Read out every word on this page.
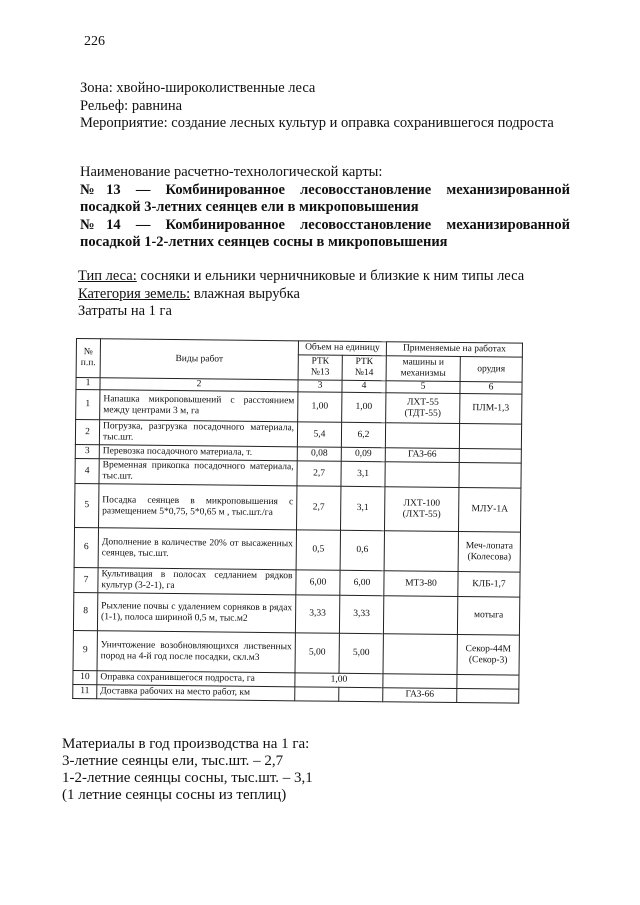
226
Зона: хвойно-широколиственные леса
Рельеф: равнина
Мероприятие: создание лесных культур и оправка сохранившегося подроста
Наименование расчетно-технологической карты:
№13 — Комбинированное лесовосстановление механизированной посадкой 3-летних сеянцев ели в микроповышения
№14 — Комбинированное лесовосстановление механизированной посадкой 1-2-летних сеянцев сосны в микроповышения
Тип леса: сосняки и ельники черничниковые и близкие к ним типы леса
Категория земель: влажная вырубка
Затраты на 1 га
№ п.п.	Виды работ	Объем на единицу		Применяемые на работах	
		РТК №13	РТК №14	машины и механизмы	орудия
1	2	3	4	5	6
1	Напашка микроповышений с расстоянием между центрами 3 м, га	1,00	1,00	ЛХТ-55 (ТДТ-55)	ПЛМ-1,3
2	Погрузка, разгрузка посадочного материала, тыс.шт.	5,4	6,2		
3	Перевозка посадочного материала, т.	0,08	0,09	ГАЗ-66	
4	Временная прикопка посадочного материала, тыс.шт.	2,7	3,1		
5	Посадка сеянцев в микроповышения с размещением 5*0,75, 5*0,65 м , тыс.шт./га	2,7	3,1	ЛХТ-100 (ЛХТ-55)	МЛУ-1А
6	Дополнение в количестве 20% от высаженных сеянцев, тыс.шт.	0,5	0,6		Меч-лопата (Колесова)
7	Культивация в полосах седланием рядков культур (3-2-1), га	6,00	6,00	МТЗ-80	КЛБ-1,7
8	Рыхление почвы с удалением сорняков в рядах (1-1), полоса шириной 0,5 м, тыс.м2	3,33	3,33		мотыга
9	Уничтожение возобновляющихся лиственных пород на 4-й год после посадки, скл.м3	5,00	5,00		Секор-44М (Секор-3)
10	Оправка сохранившегося подроста, га	1,00			
11	Доставка рабочих на место работ, км			ГАЗ-66	
Материалы в год производства на 1 га:
3-летние сеянцы ели, тыс.шт. – 2,7
1-2-летние сеянцы сосны, тыс.шт. – 3,1
(1 летние сеянцы сосны из теплиц)
